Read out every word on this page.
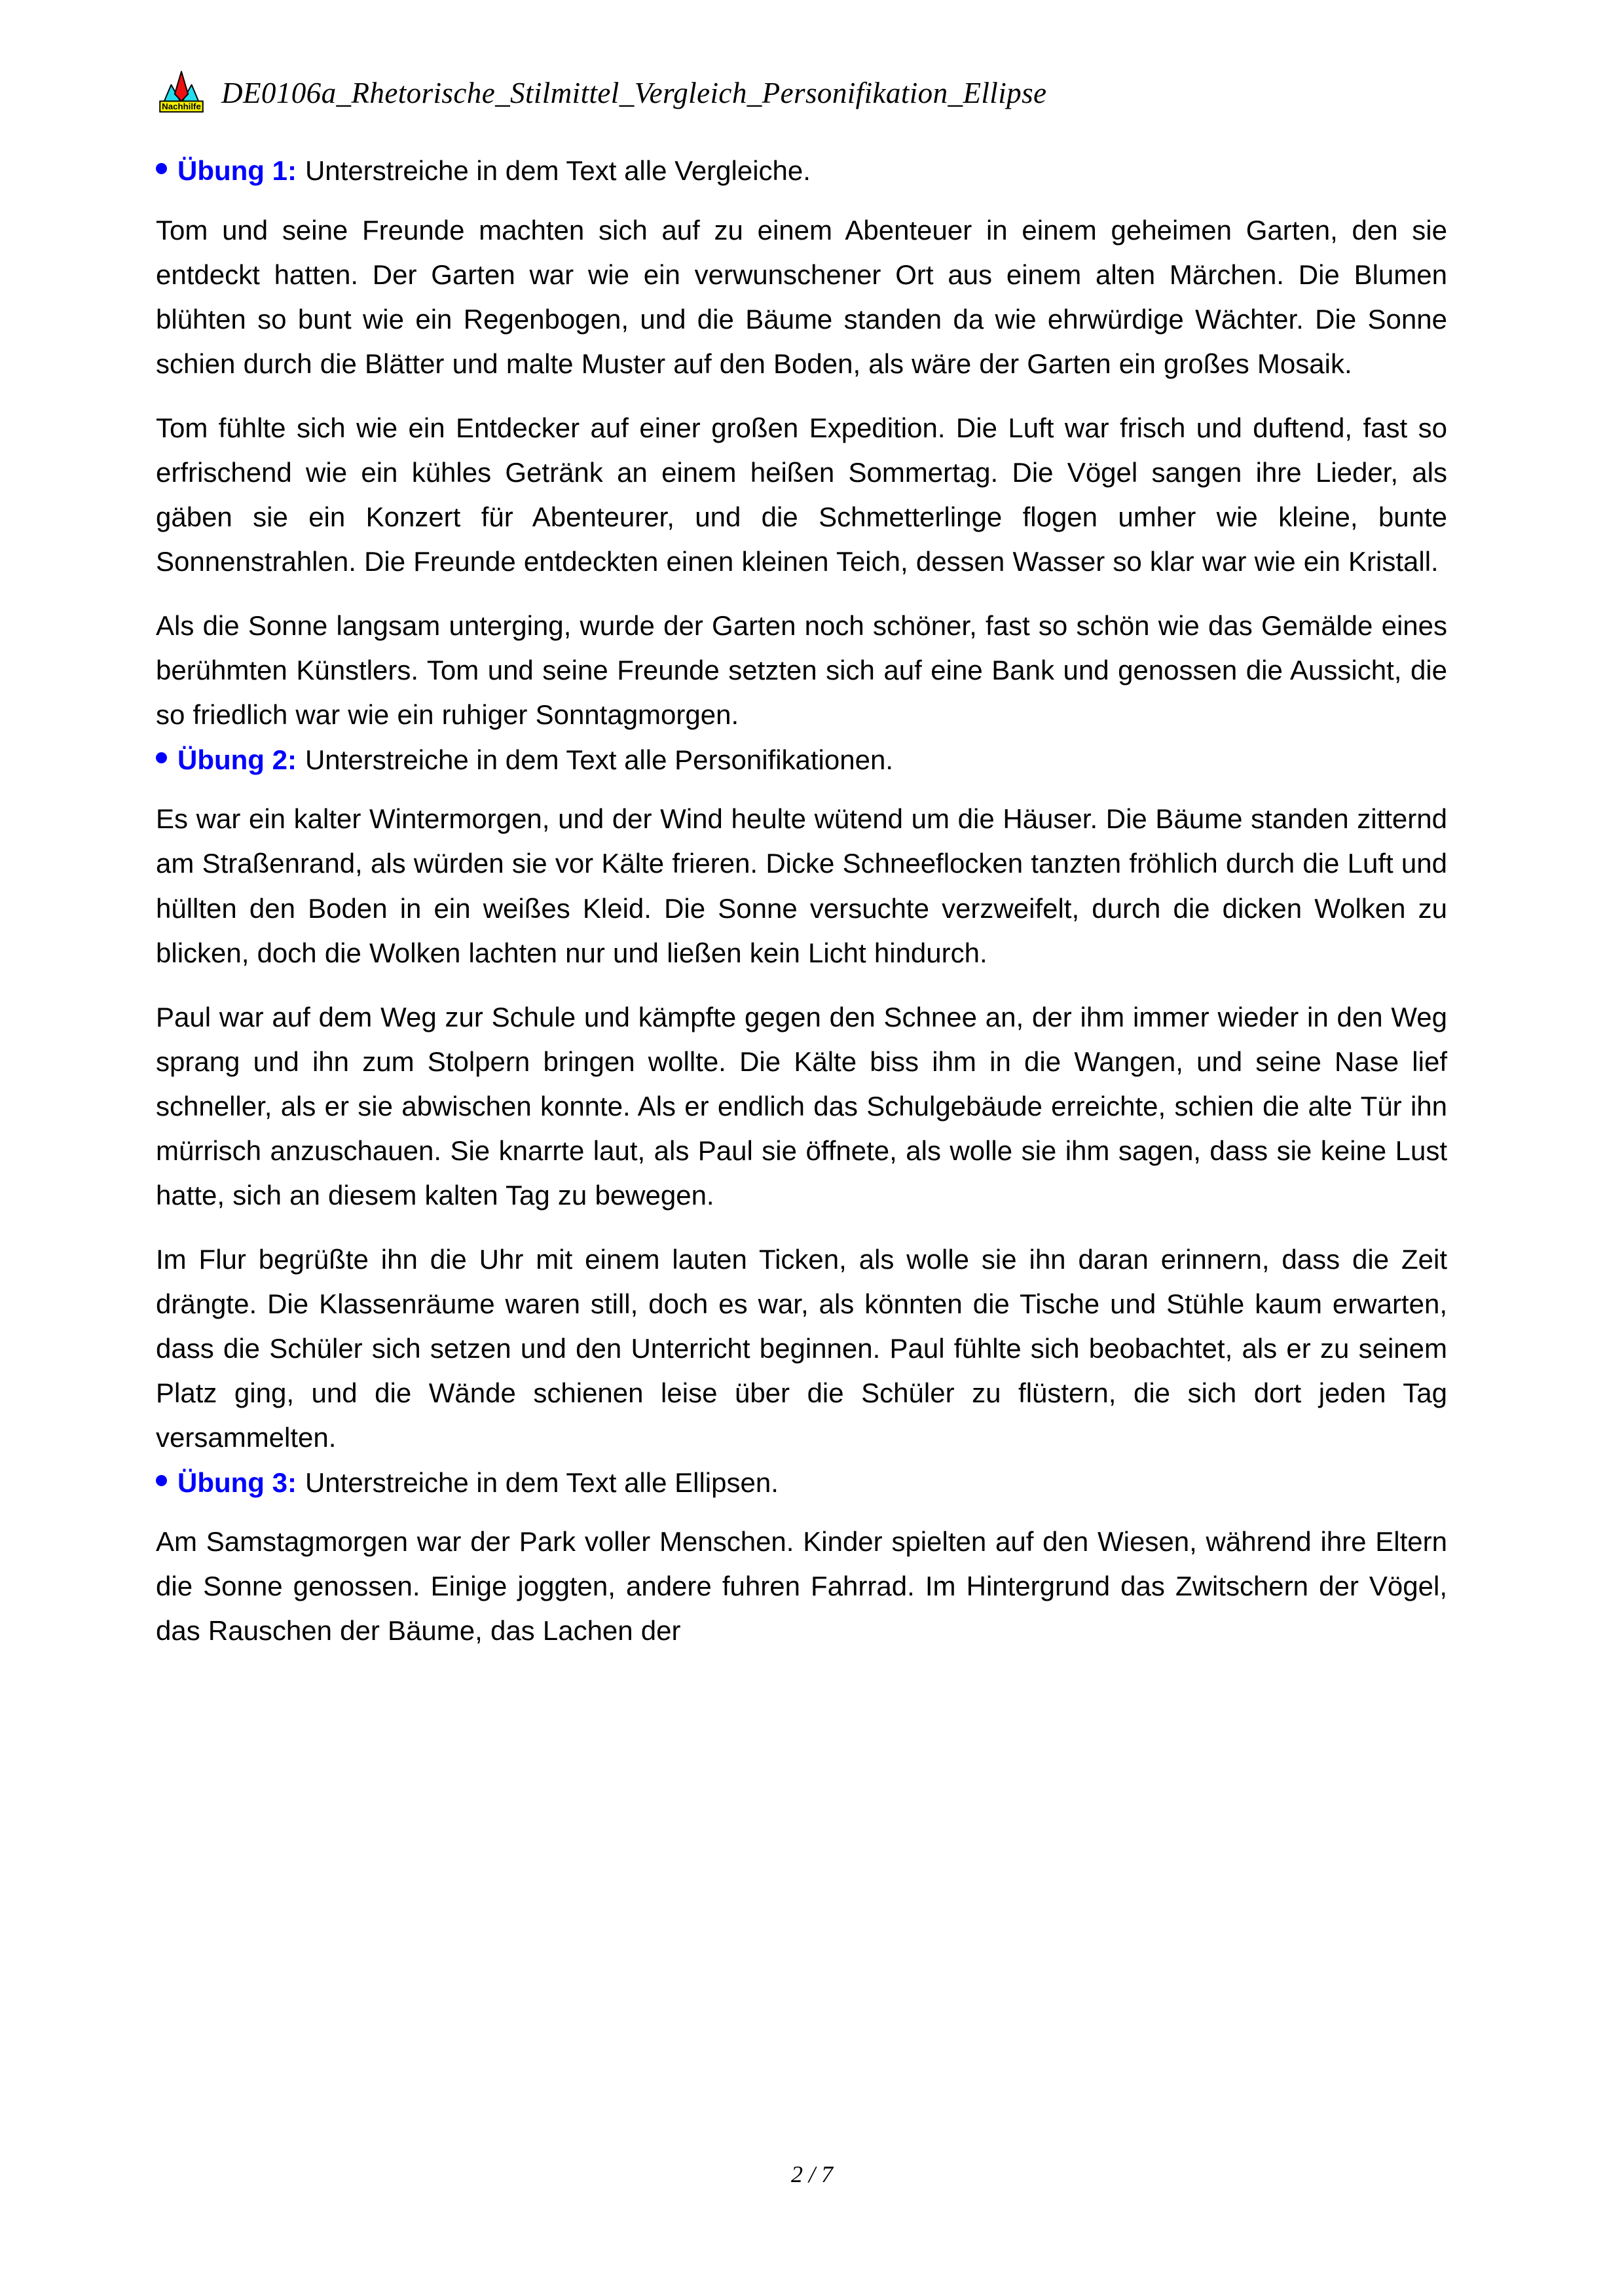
Nachhilfe DE0106a_Rhetorische_Stilmittel_Vergleich_Personifikation_Ellipse
Übung 1: Unterstreiche in dem Text alle Vergleiche.

Tom und seine Freunde machten sich auf zu einem Abenteuer in einem geheimen Garten, den sie entdeckt hatten. Der Garten war wie ein verwunschener Ort aus einem alten Märchen. Die Blumen blühten so bunt wie ein Regenbogen, und die Bäume standen da wie ehrwürdige Wächter. Die Sonne schien durch die Blätter und malte Muster auf den Boden, als wäre der Garten ein großes Mosaik.

Tom fühlte sich wie ein Entdecker auf einer großen Expedition. Die Luft war frisch und duftend, fast so erfrischend wie ein kühles Getränk an einem heißen Sommertag. Die Vögel sangen ihre Lieder, als gäben sie ein Konzert für Abenteurer, und die Schmetterlinge flogen umher wie kleine, bunte Sonnenstrahlen. Die Freunde entdeckten einen kleinen Teich, dessen Wasser so klar war wie ein Kristall.

Als die Sonne langsam unterging, wurde der Garten noch schöner, fast so schön wie das Gemälde eines berühmten Künstlers. Tom und seine Freunde setzten sich auf eine Bank und genossen die Aussicht, die so friedlich war wie ein ruhiger Sonntagmorgen.

Übung 2: Unterstreiche in dem Text alle Personifikationen.

Es war ein kalter Wintermorgen, und der Wind heulte wütend um die Häuser. Die Bäume standen zitternd am Straßenrand, als würden sie vor Kälte frieren. Dicke Schneeflocken tanzten fröhlich durch die Luft und hüllten den Boden in ein weißes Kleid. Die Sonne versuchte verzweifelt, durch die dicken Wolken zu blicken, doch die Wolken lachten nur und ließen kein Licht hindurch.

Paul war auf dem Weg zur Schule und kämpfte gegen den Schnee an, der ihm immer wieder in den Weg sprang und ihn zum Stolpern bringen wollte. Die Kälte biss ihm in die Wangen, und seine Nase lief schneller, als er sie abwischen konnte. Als er endlich das Schulgebäude erreichte, schien die alte Tür ihn mürrisch anzuschauen. Sie knarrte laut, als Paul sie öffnete, als wolle sie ihm sagen, dass sie keine Lust hatte, sich an diesem kalten Tag zu bewegen.

Im Flur begrüßte ihn die Uhr mit einem lauten Ticken, als wolle sie ihn daran erinnern, dass die Zeit drängte. Die Klassenräume waren still, doch es war, als könnten die Tische und Stühle kaum erwarten, dass die Schüler sich setzen und den Unterricht beginnen. Paul fühlte sich beobachtet, als er zu seinem Platz ging, und die Wände schienen leise über die Schüler zu flüstern, die sich dort jeden Tag versammelten.

Übung 3: Unterstreiche in dem Text alle Ellipsen.

Am Samstagmorgen war der Park voller Menschen. Kinder spielten auf den Wiesen, während ihre Eltern die Sonne genossen. Einige joggten, andere fuhren Fahrrad. Im Hintergrund das Zwitschern der Vögel, das Rauschen der Bäume, das Lachen der

2 / 7
